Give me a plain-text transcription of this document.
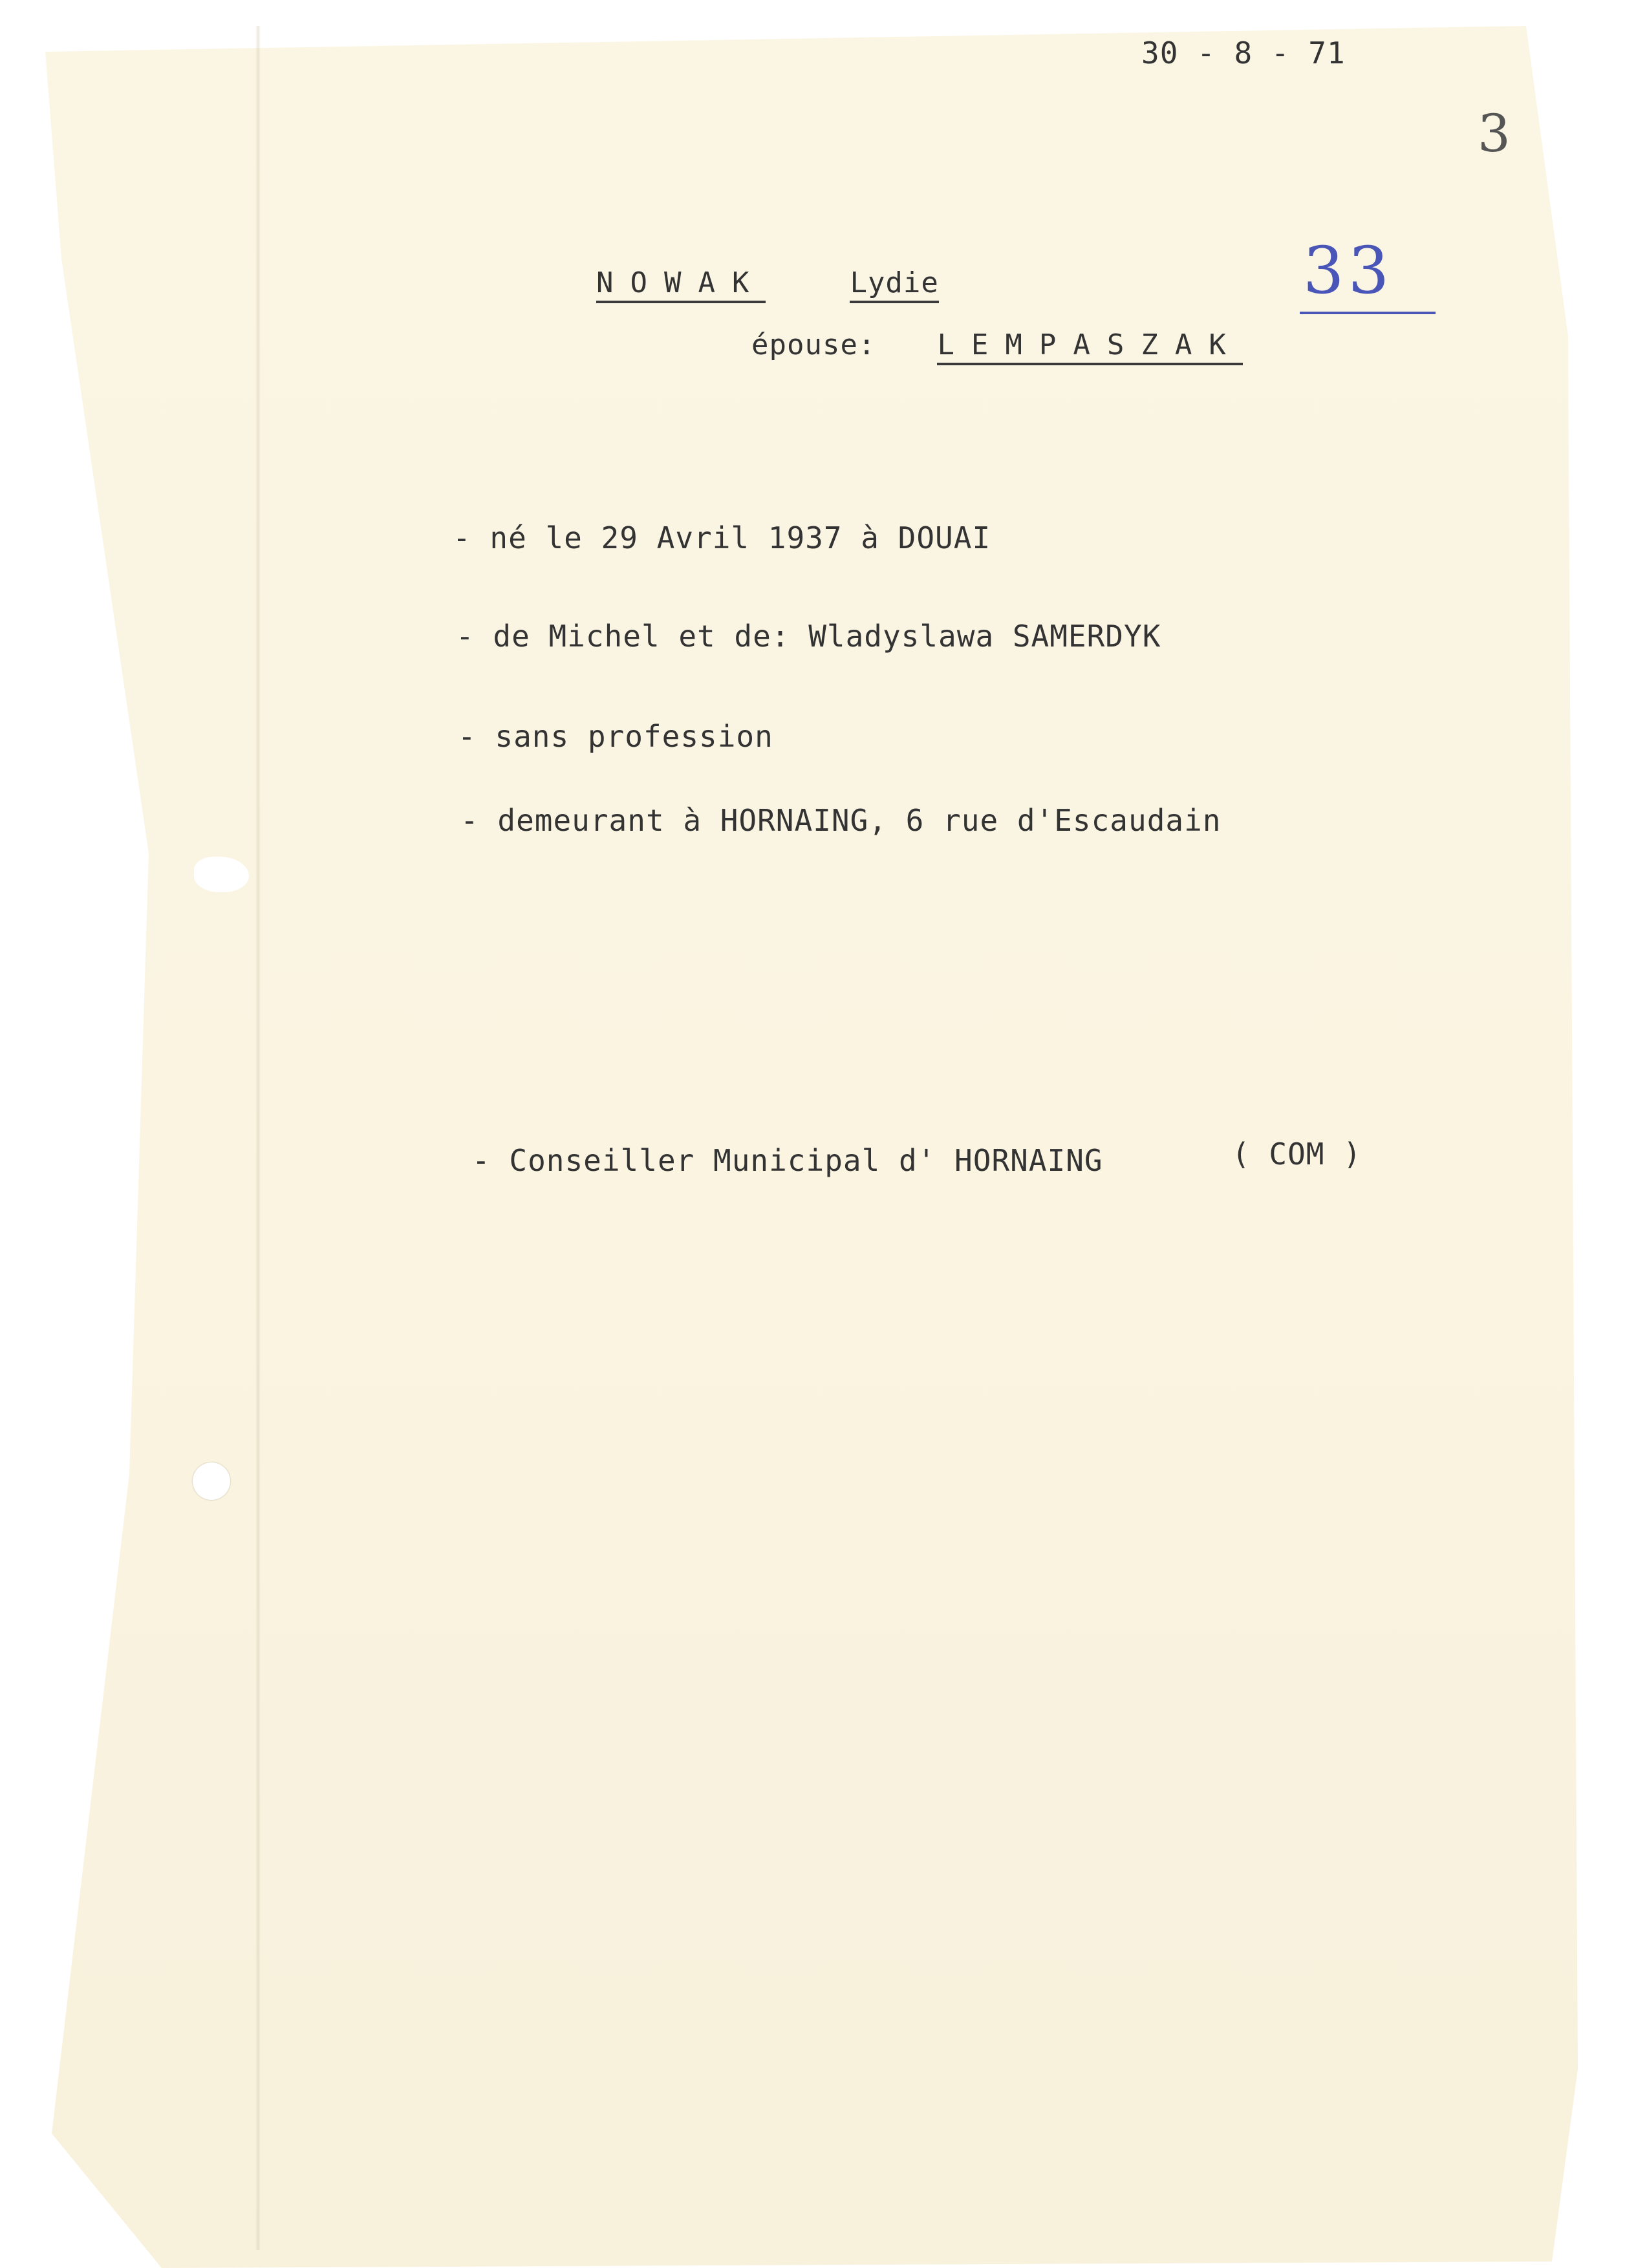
30 - 8 - 71
3
33
NOWAK	Lydie
épouse: LEMPASZAK
- né le 29 Avril 1937 à DOUAI
- de Michel et de: Wladyslawa SAMERDYK
- sans profession
- demeurant à HORNAING, 6 rue d'Escaudain
- Conseiller Municipal d' HORNAING	( COM )
